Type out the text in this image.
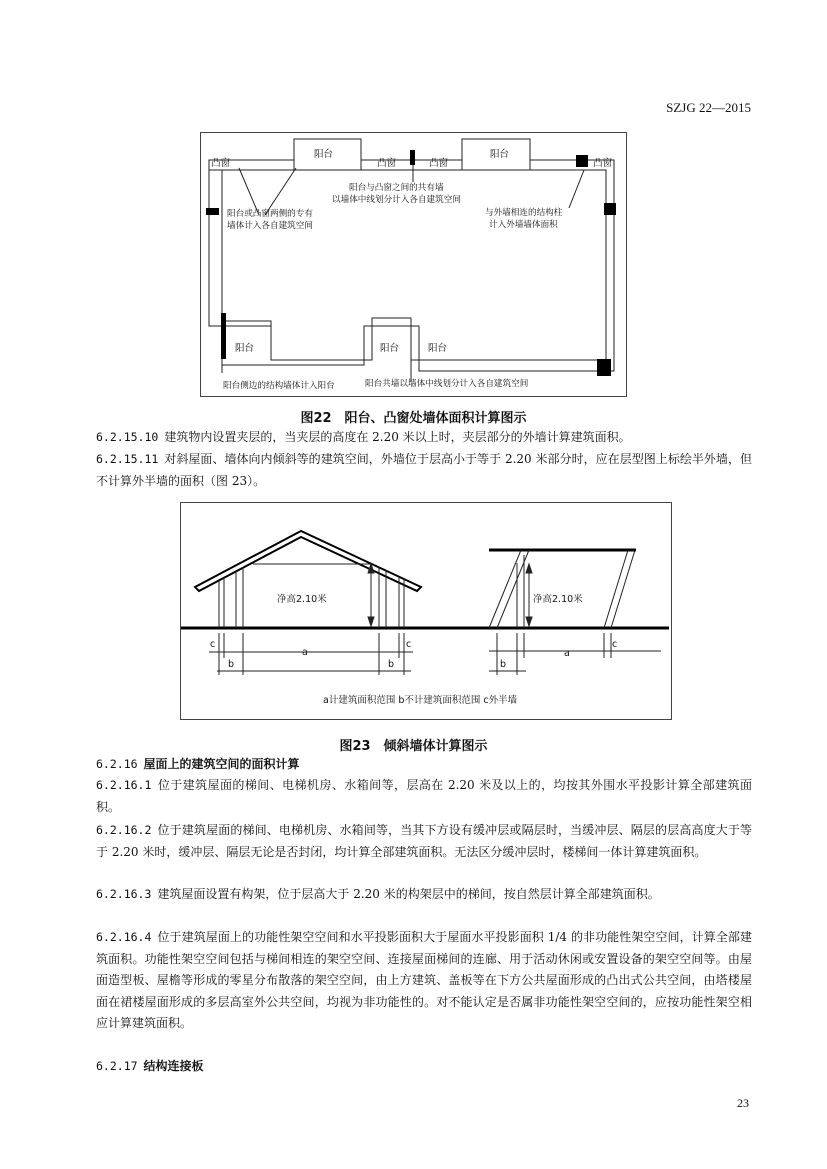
SZJG 22—2015
凸窗
阳台
凸窗	凸窗
阳台
凸窗
阳台与凸窗之间的共有墙
以墙体中线划分计入各自建筑空间
阳台或凸窗两侧的专有
墙体计入各自建筑空间
与外墙相连的结构柱
计入外墙墙体面积
阳台	阳台	阳台
阳台侧边的结构墙体计入阳台	阳台共墙以墙体中线划分计入各自建筑空间
图22　阳台、凸窗处墙体面积计算图示
6.2.15.10 建筑物内设置夹层的，当夹层的高度在 2.20 米以上时，夹层部分的外墙计算建筑面积。
6.2.15.11 对斜屋面、墙体向内倾斜等的建筑空间，外墙位于层高小于等于 2.20 米部分时，应在层型图上标绘半外墙，但不计算外半墙的面积（图 23）。
净高2.10米	净高2.10米
c
b
a
b
c
b
a
c
a计建筑面积范围 b不计建筑面积范围 c外半墙
图23　倾斜墙体计算图示
6.2.16 屋面上的建筑空间的面积计算
6.2.16.1 位于建筑屋面的梯间、电梯机房、水箱间等，层高在 2.20 米及以上的，均按其外围水平投影计算全部建筑面积。
6.2.16.2 位于建筑屋面的梯间、电梯机房、水箱间等，当其下方设有缓冲层或隔层时，当缓冲层、隔层的层高高度大于等于 2.20 米时，缓冲层、隔层无论是否封闭，均计算全部建筑面积。无法区分缓冲层时，楼梯间一体计算建筑面积。
6.2.16.3 建筑屋面设置有构架，位于层高大于 2.20 米的构架层中的梯间，按自然层计算全部建筑面积。
6.2.16.4 位于建筑屋面上的功能性架空空间和水平投影面积大于屋面水平投影面积 1/4 的非功能性架空空间，计算全部建筑面积。功能性架空空间包括与梯间相连的架空空间、连接屋面梯间的连廊、用于活动休闲或安置设备的架空空间等。由屋面造型板、屋檐等形成的零星分布散落的架空空间，由上方建筑、盖板等在下方公共屋面形成的凸出式公共空间，由塔楼屋面在裙楼屋面形成的多层高室外公共空间，均视为非功能性的。对不能认定是否属非功能性架空空间的，应按功能性架空相应计算建筑面积。
6.2.17 结构连接板
23
